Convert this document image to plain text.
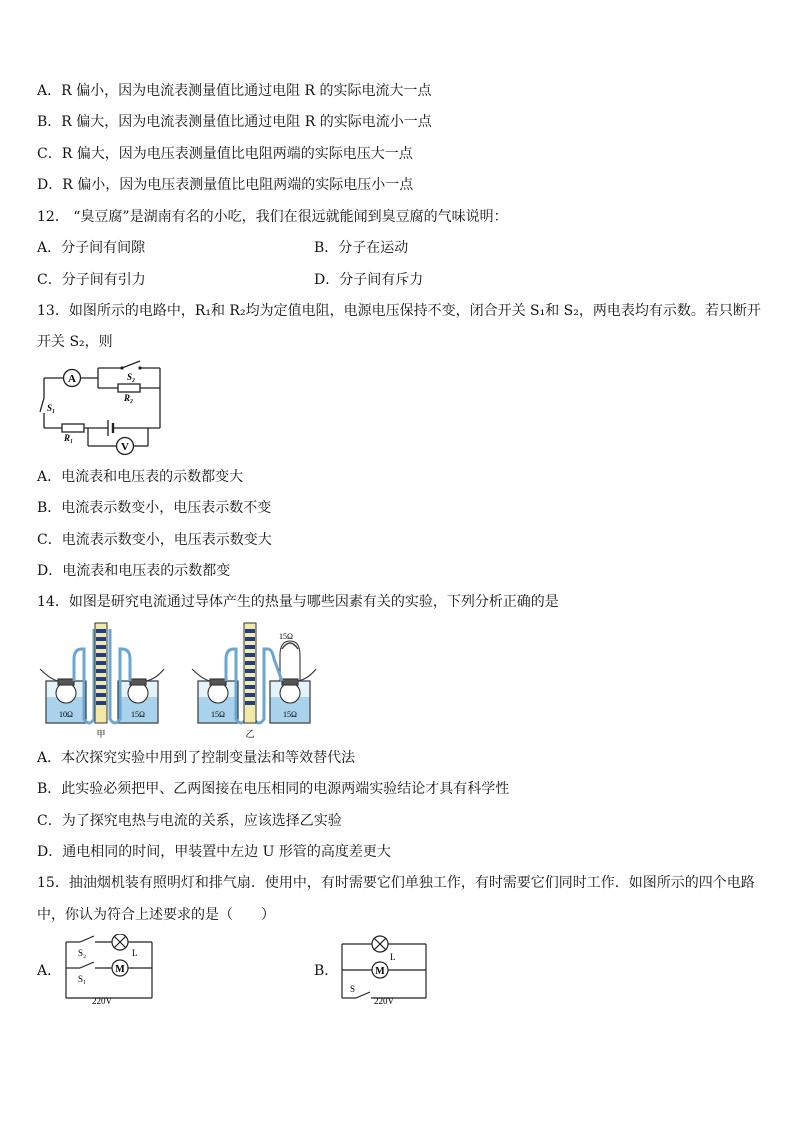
A．R 偏小，因为电流表测量值比通过电阻 R 的实际电流大一点
B．R 偏大，因为电流表测量值比通过电阻 R 的实际电流小一点
C．R 偏大，因为电压表测量值比电阻两端的实际电压大一点
D．R 偏小，因为电压表测量值比电阻两端的实际电压小一点
12． “臭豆腐”是湖南有名的小吃，我们在很远就能闻到臭豆腐的气味说明：
A．分子间有间隙	B．分子在运动
C．分子间有引力	D．分子间有斥力
13．如图所示的电路中，R₁和 R₂均为定值电阻，电源电压保持不变，闭合开关 S₁和 S₂，两电表均有示数。若只断开
开关 S₂，则
A
V
S₂
R₂
S₁
R₁
A．电流表和电压表的示数都变大
B．电流表示数变小，电压表示数不变
C．电流表示数变小，电压表示数变大
D．电流表和电压表的示数都变
14．如图是研究电流通过导体产生的热量与哪些因素有关的实验，下列分析正确的是
10Ω	15Ω
甲
15Ω	15Ω
15Ω
乙
A．本次探究实验中用到了控制变量法和等效替代法
B．此实验必须把甲、乙两图接在电压相同的电源两端实验结论才具有科学性
C．为了探究电热与电流的关系，应该选择乙实验
D．通电相同的时间，甲装置中左边 U 形管的高度差更大
15．抽油烟机装有照明灯和排气扇．使用中，有时需要它们单独工作，有时需要它们同时工作．如图所示的四个电路
中，你认为符合上述要求的是（　　）
A．	M
S₂
S₁
L
220V
B．	M
L
S
220V
